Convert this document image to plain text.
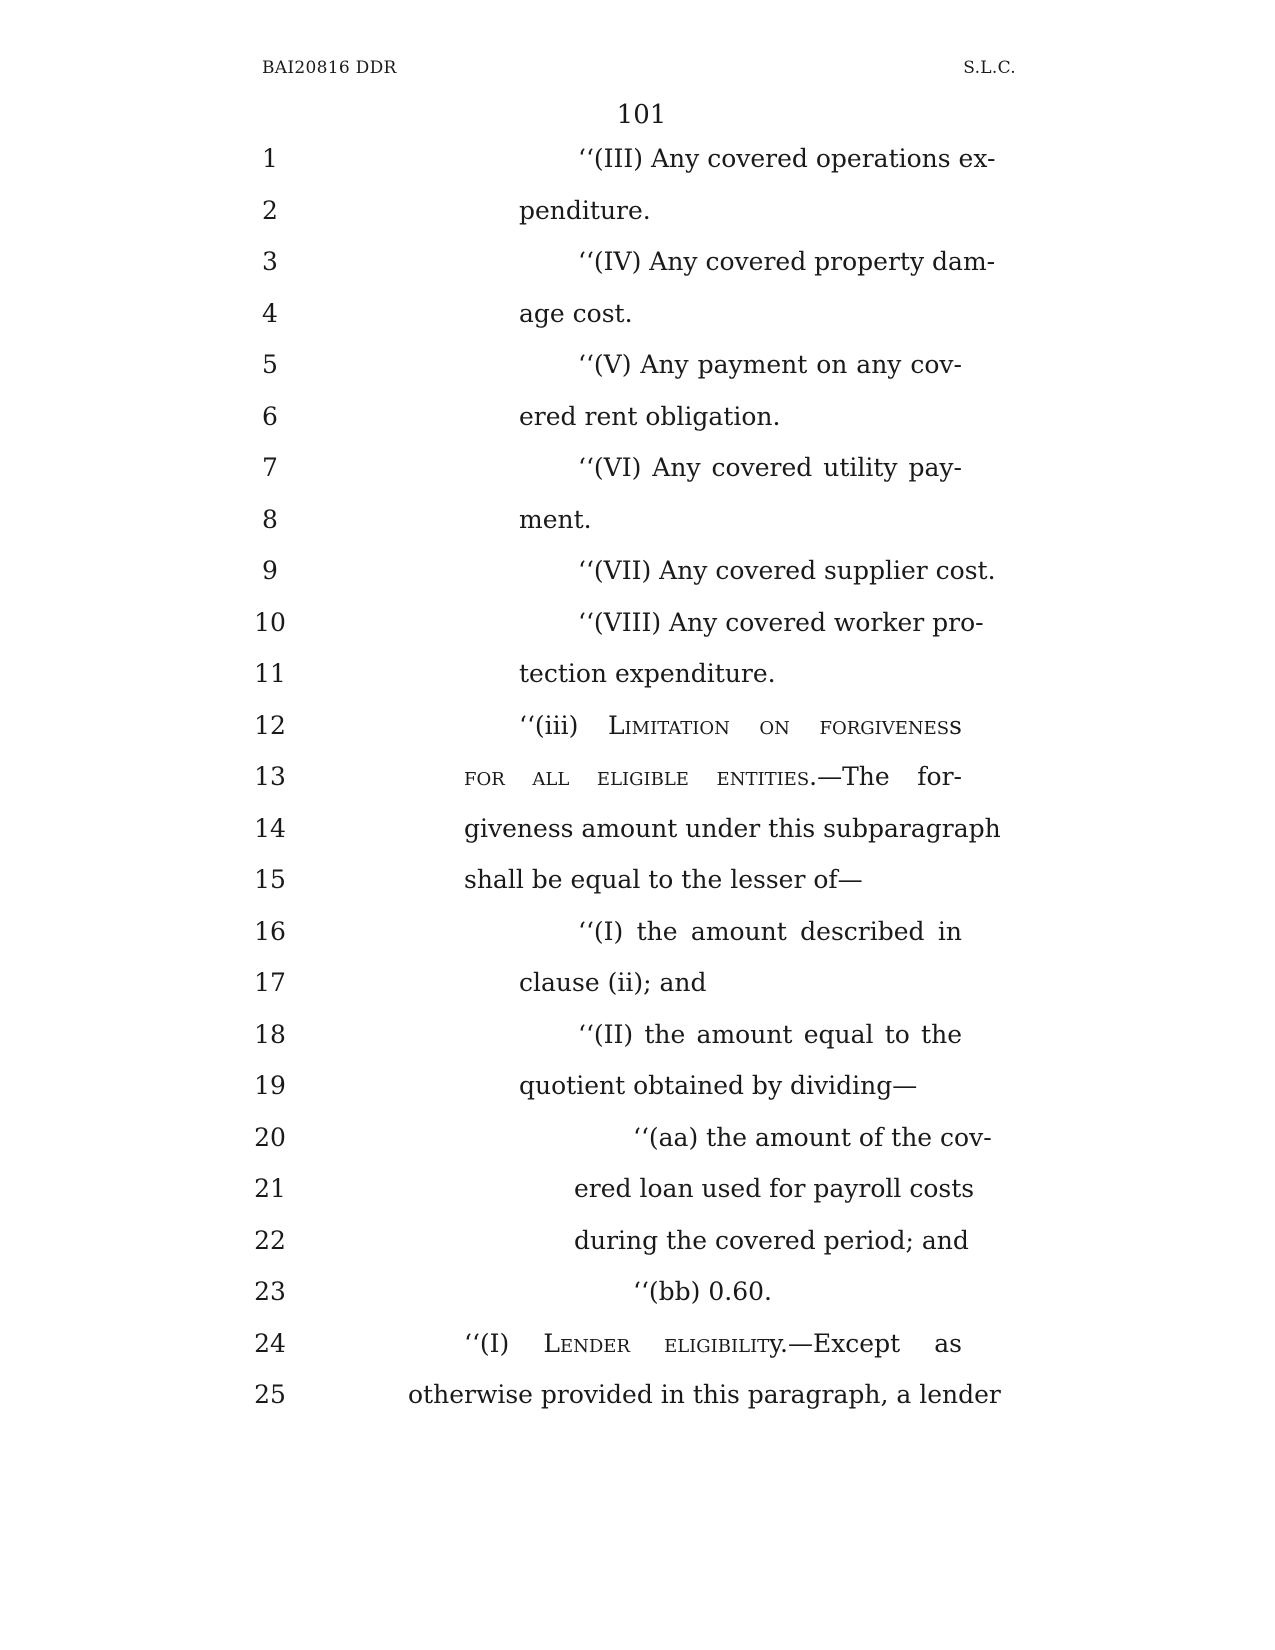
BAI20816 DDR	S.L.C.
101
1	‘‘(III) Any covered operations ex-
2	penditure.
3	‘‘(IV) Any covered property dam-
4	age cost.
5	‘‘(V) Any payment on any cov-
6	ered rent obligation.
7	‘‘(VI) Any covered utility pay-
8	ment.
9	‘‘(VII) Any covered supplier cost.
10	‘‘(VIII) Any covered worker pro-
11	tection expenditure.
12	‘‘(iii) Limitation on forgiveness
13	for all eligible entities.—The for-
14	giveness amount under this subparagraph
15	shall be equal to the lesser of—
16	‘‘(I) the amount described in
17	clause (ii); and
18	‘‘(II) the amount equal to the
19	quotient obtained by dividing—
20	‘‘(aa) the amount of the cov-
21	ered loan used for payroll costs
22	during the covered period; and
23	‘‘(bb) 0.60.
24	‘‘(I) Lender eligibility.—Except as
25	otherwise provided in this paragraph, a lender
